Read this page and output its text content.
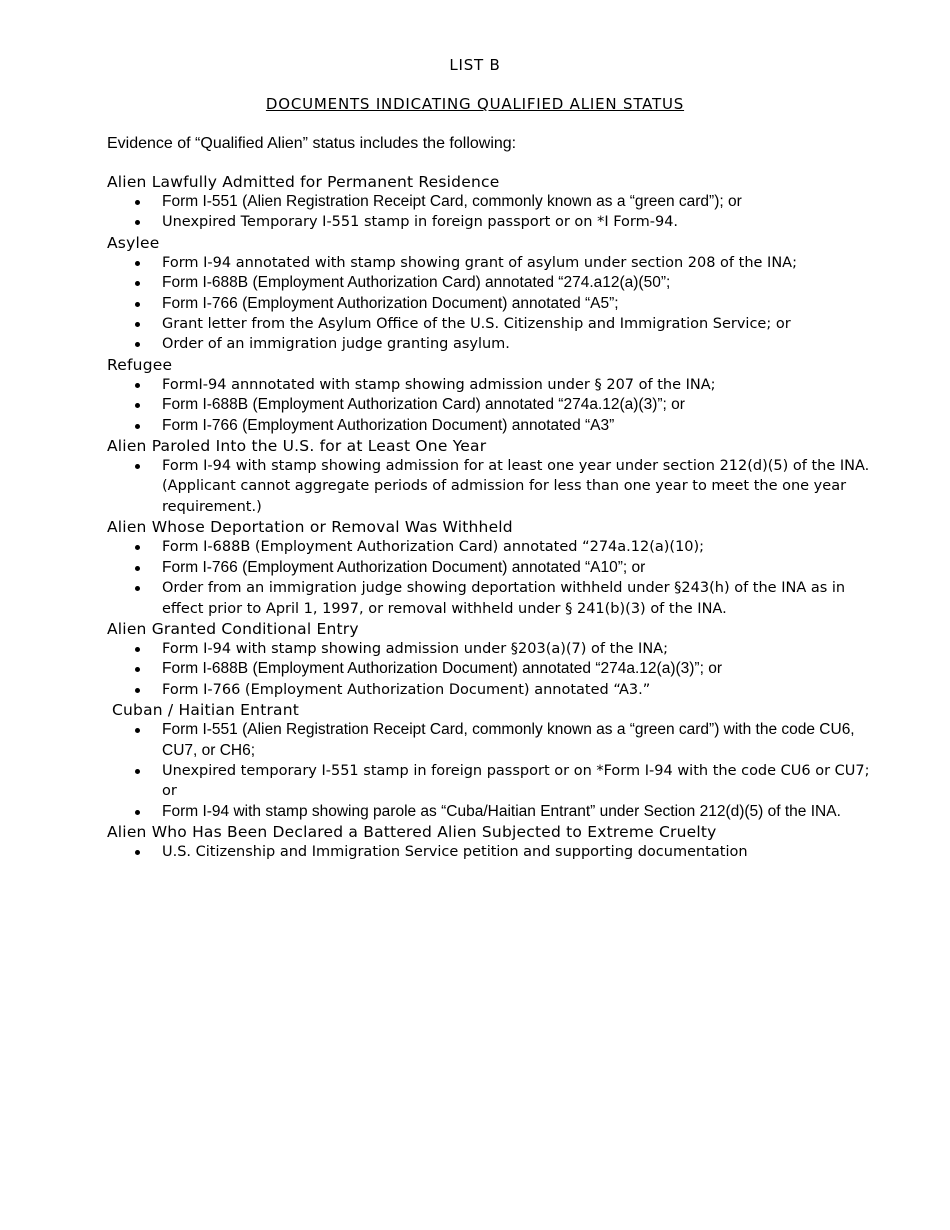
LIST B
DOCUMENTS INDICATING QUALIFIED ALIEN STATUS

Evidence of “Qualified Alien” status includes the following:

Alien Lawfully Admitted for Permanent Residence
Form I-551 (Alien Registration Receipt Card, commonly known as a “green card”); or
Unexpired Temporary I-551 stamp in foreign passport or on *I Form-94.
Asylee
Form I-94 annotated with stamp showing grant of asylum under section 208 of the INA;
Form I-688B (Employment Authorization Card) annotated “274.a12(a)(50”;
Form I-766 (Employment Authorization Document) annotated “A5”;
Grant letter from the Asylum Office of the U.S. Citizenship and Immigration Service; or
Order of an immigration judge granting asylum.
Refugee
FormI-94 annnotated with stamp showing admission under § 207 of the INA;
Form I-688B (Employment Authorization Card) annotated “274a.12(a)(3)”; or
Form I-766 (Employment Authorization Document) annotated “A3”
Alien Paroled Into the U.S. for at Least One Year
Form I-94 with stamp showing admission for at least one year under section 212(d)(5) of the INA. (Applicant cannot aggregate periods of admission for less than one year to meet the one year requirement.)
Alien Whose Deportation or Removal Was Withheld
Form I-688B (Employment Authorization Card) annotated “274a.12(a)(10);
Form I-766 (Employment Authorization Document) annotated “A10”; or
Order from an immigration judge showing deportation withheld under §243(h) of the INA as in effect prior to April 1, 1997, or removal withheld under § 241(b)(3) of the INA.
Alien Granted Conditional Entry
Form I-94 with stamp showing admission under §203(a)(7) of the INA;
Form I-688B (Employment Authorization Document) annotated “274a.12(a)(3)”; or
Form I-766 (Employment Authorization Document) annotated “A3.”
Cuban / Haitian Entrant
Form I-551 (Alien Registration Receipt Card, commonly known as a “green card”) with the code CU6, CU7, or CH6;
Unexpired temporary I-551 stamp in foreign passport or on *Form I-94 with the code CU6 or CU7; or
Form I-94 with stamp showing parole as “Cuba/Haitian Entrant” under Section 212(d)(5) of the INA.
Alien Who Has Been Declared a Battered Alien Subjected to Extreme Cruelty
U.S. Citizenship and Immigration Service petition and supporting documentation
